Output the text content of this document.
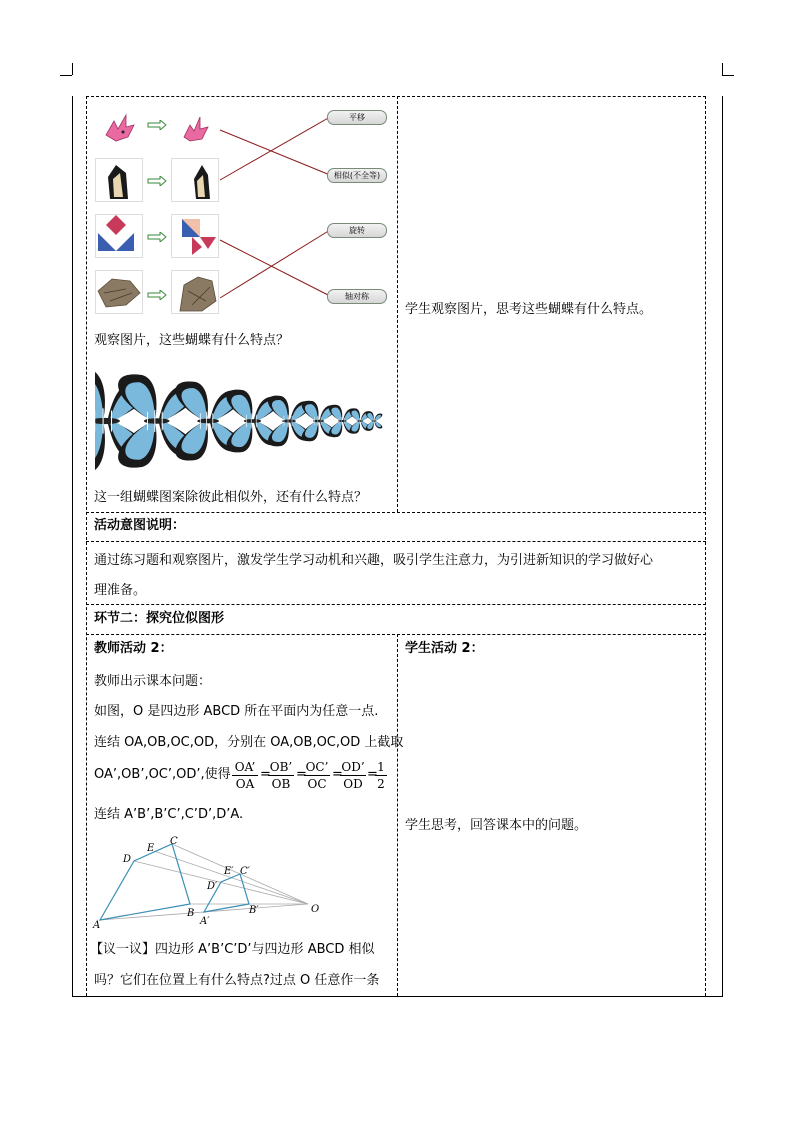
平移
相似(不全等)
旋转
轴对称
观察图片，这些蝴蝶有什么特点？
这一组蝴蝶图案除彼此相似外，还有什么特点？
学生观察图片，思考这些蝴蝶有什么特点。
活动意图说明：
通过练习题和观察图片，激发学生学习动机和兴趣，吸引学生注意力，为引进新知识的学习做好心
理准备。
环节二：探究位似图形
教师活动 2：
教师出示课本问题：
如图，O 是四边形 ABCD 所在平面内为任意一点.
连结 OA,OB,OC,OD，分别在 OA,OB,OC,OD 上截取
OA’,OB’,OC’,OD’,使得 $\frac{OA’}{OA}$ =
$\frac{OB’}{OB}$ =
$\frac{OC’}{OC}$ =
$\frac{OD’}{OD}$ =
$\frac{1}{2}$
连结 A’B’,B’C’,C’D’,D’A.
A
B
C
D
E
O
A′
B′
C′
D′
E′
【议一议】四边形 A’B’C’D’与四边形 ABCD 相似
吗？它们在位置上有什么特点?过点 O 任意作一条
学生活动 2：
学生思考，回答课本中的问题。
